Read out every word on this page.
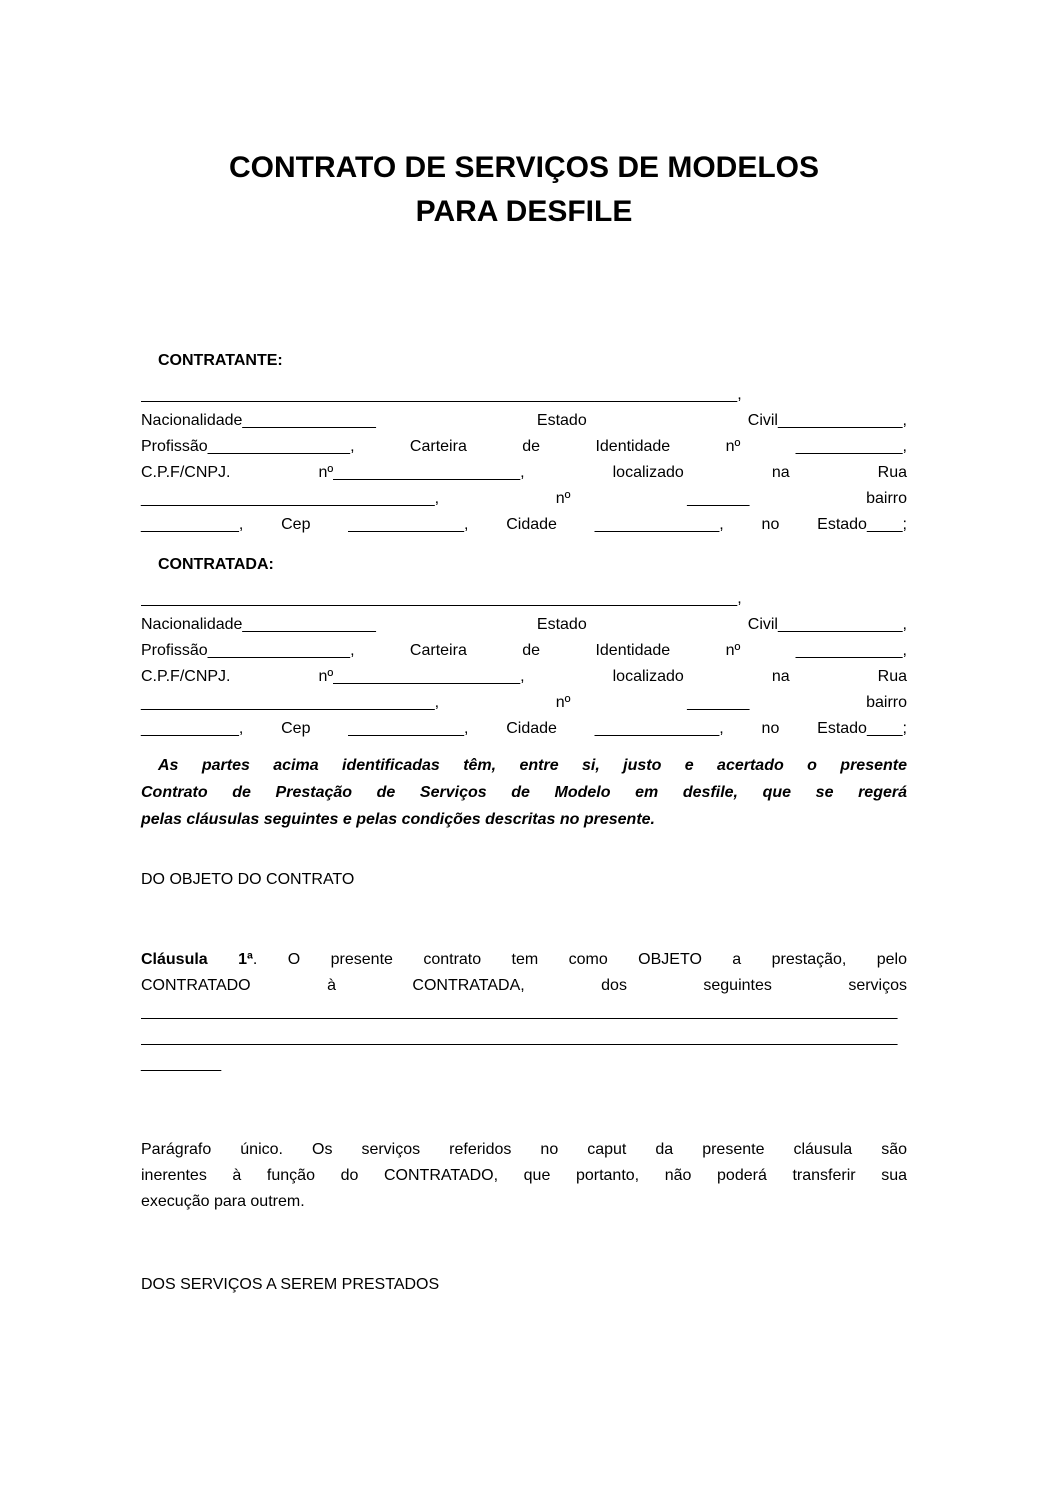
CONTRATO DE SERVIÇOS DE MODELOS
PARA DESFILE
CONTRATANTE:
___________________________________________________________________,
Nacionalidade_______________ Estado Civil______________,
Profissão________________, Carteira de Identidade nº ____________,
C.P.F/CNPJ. nº_____________________, localizado na Rua
_________________________________, nº _______ bairro
___________, Cep _____________, Cidade ______________, no Estado____;
CONTRATADA:
___________________________________________________________________,
Nacionalidade_______________ Estado Civil______________,
Profissão________________, Carteira de Identidade nº ____________,
C.P.F/CNPJ. nº_____________________, localizado na Rua
_________________________________, nº _______ bairro
___________, Cep _____________, Cidade ______________, no Estado____;
As partes acima identificadas têm, entre si, justo e acertado o presente
Contrato de Prestação de Serviços de Modelo em desfile, que se regerá
pelas cláusulas seguintes e pelas condições descritas no presente.
DO OBJETO DO CONTRATO
Cláusula 1ª. O presente contrato tem como OBJETO a prestação, pelo
CONTRATADO à CONTRATADA, dos seguintes serviços
_____________________________________________________________________________________
_____________________________________________________________________________________
_________
Parágrafo único. Os serviços referidos no caput da presente cláusula são
inerentes à função do CONTRATADO, que portanto, não poderá transferir sua
execução para outrem.
DOS SERVIÇOS A SEREM PRESTADOS
